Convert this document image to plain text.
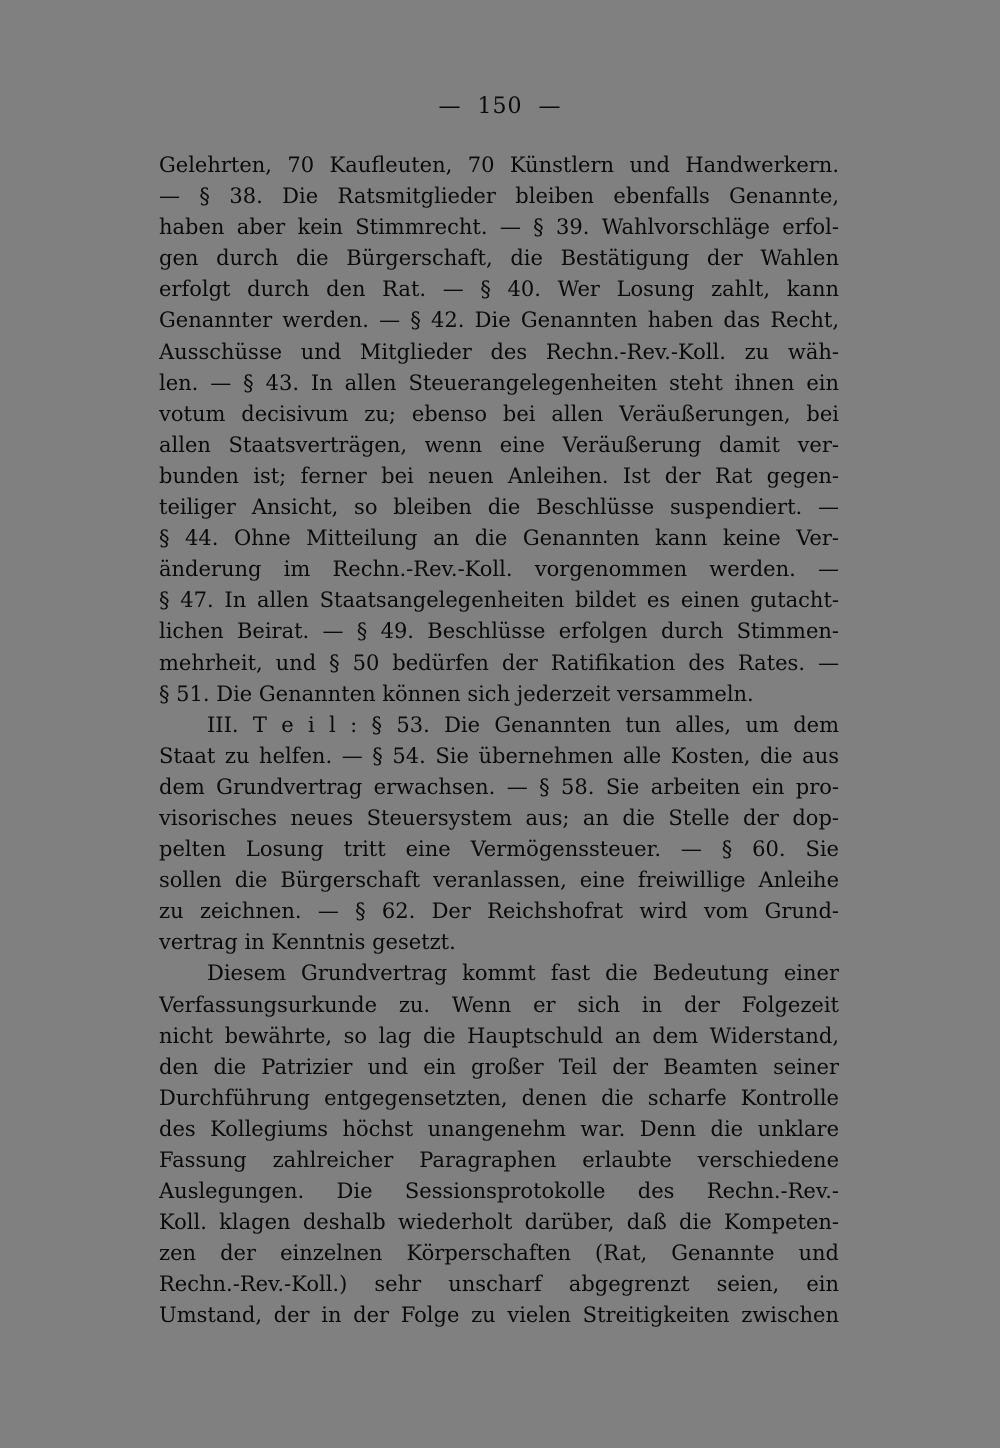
—  150  —
Gelehrten, 70 Kaufleuten, 70 Künstlern und Handwerkern.
— § 38. Die Ratsmitglieder bleiben ebenfalls Genannte,
haben aber kein Stimmrecht. — § 39. Wahlvorschläge erfol-
gen durch die Bürgerschaft, die Bestätigung der Wahlen
erfolgt durch den Rat. — § 40. Wer Losung zahlt, kann
Genannter werden. — § 42. Die Genannten haben das Recht,
Ausschüsse und Mitglieder des Rechn.-Rev.-Koll. zu wäh-
len. — § 43. In allen Steuerangelegenheiten steht ihnen ein
votum decisivum zu; ebenso bei allen Veräußerungen, bei
allen Staatsverträgen, wenn eine Veräußerung damit ver-
bunden ist; ferner bei neuen Anleihen. Ist der Rat gegen-
teiliger Ansicht, so bleiben die Beschlüsse suspendiert. —
§ 44. Ohne Mitteilung an die Genannten kann keine Ver-
änderung im Rechn.-Rev.-Koll. vorgenommen werden. —
§ 47. In allen Staatsangelegenheiten bildet es einen gutacht-
lichen Beirat. — § 49. Beschlüsse erfolgen durch Stimmen-
mehrheit, und § 50 bedürfen der Ratifikation des Rates. —
§ 51. Die Genannten können sich jederzeit versammeln.
III. T e i l : § 53. Die Genannten tun alles, um dem
Staat zu helfen. — § 54. Sie übernehmen alle Kosten, die aus
dem Grundvertrag erwachsen. — § 58. Sie arbeiten ein pro-
visorisches neues Steuersystem aus; an die Stelle der dop-
pelten Losung tritt eine Vermögenssteuer. — § 60. Sie
sollen die Bürgerschaft veranlassen, eine freiwillige Anleihe
zu zeichnen. — § 62. Der Reichshofrat wird vom Grund-
vertrag in Kenntnis gesetzt.
Diesem Grundvertrag kommt fast die Bedeutung einer
Verfassungsurkunde zu. Wenn er sich in der Folgezeit
nicht bewährte, so lag die Hauptschuld an dem Widerstand,
den die Patrizier und ein großer Teil der Beamten seiner
Durchführung entgegensetzten, denen die scharfe Kontrolle
des Kollegiums höchst unangenehm war. Denn die unklare
Fassung zahlreicher Paragraphen erlaubte verschiedene
Auslegungen. Die Sessionsprotokolle des Rechn.-Rev.-
Koll. klagen deshalb wiederholt darüber, daß die Kompeten-
zen der einzelnen Körperschaften (Rat, Genannte und
Rechn.-Rev.-Koll.) sehr unscharf abgegrenzt seien, ein
Umstand, der in der Folge zu vielen Streitigkeiten zwischen
